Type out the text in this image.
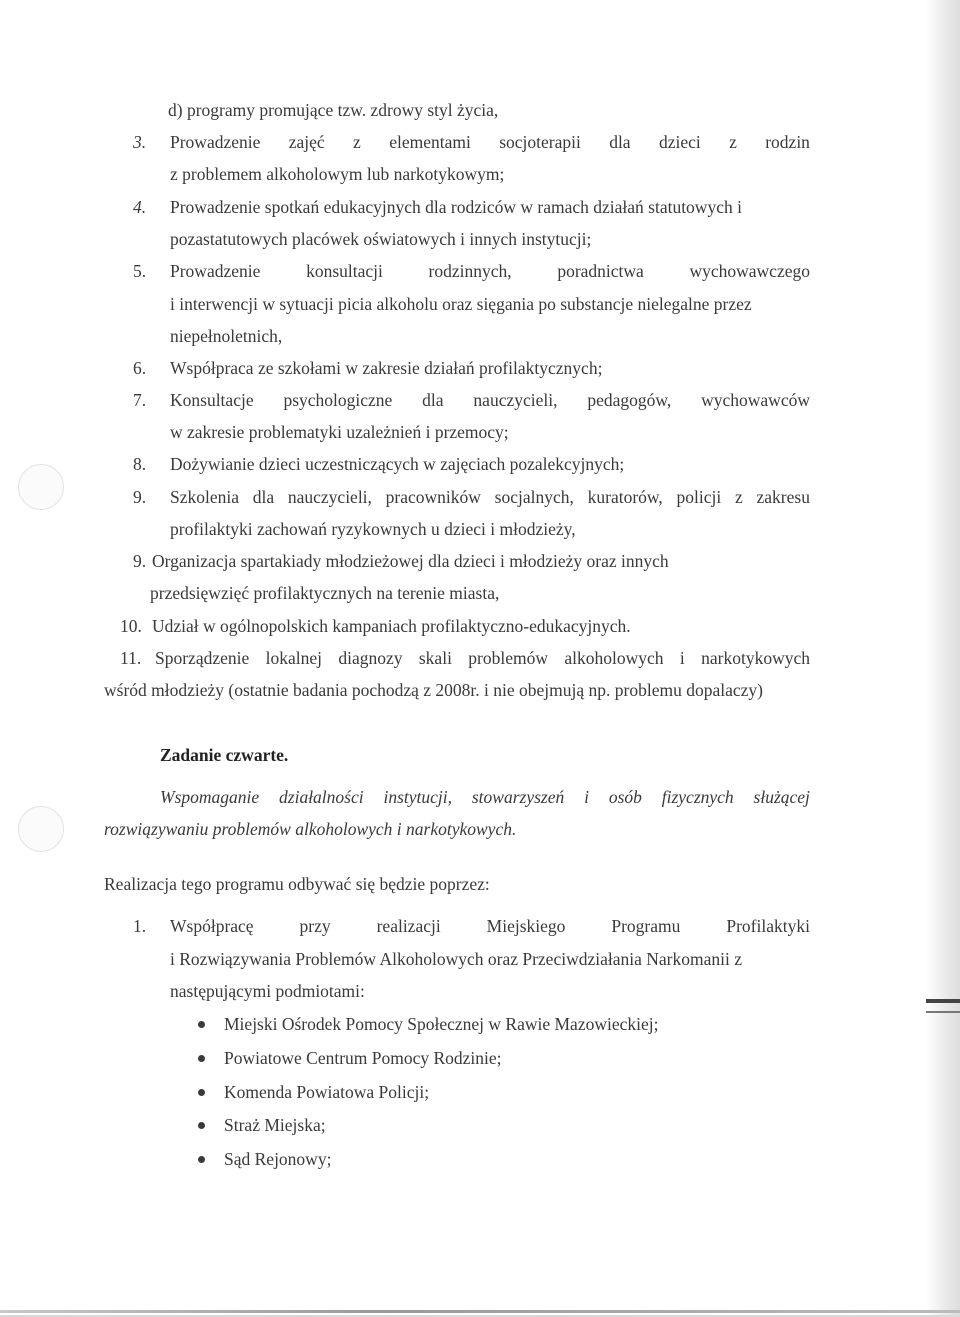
d) programy promujące tzw. zdrowy styl życia,
3. Prowadzenie zajęć z elementami socjoterapii dla dzieci z rodzin
z problemem alkoholowym lub narkotykowym;
4. Prowadzenie spotkań edukacyjnych dla rodziców w ramach działań statutowych i
pozastatutowych placówek oświatowych i innych instytucji;
5. Prowadzenie	konsultacji	rodzinnych,	poradnictwa	wychowawczego
i interwencji w sytuacji picia alkoholu oraz sięgania po substancje nielegalne przez
niepełnoletnich,
6. Współpraca ze szkołami w zakresie działań profilaktycznych;
7. Konsultacje psychologiczne dla nauczycieli, pedagogów, wychowawców
w zakresie problematyki uzależnień i przemocy;
8. Dożywianie dzieci uczestniczących w zajęciach pozalekcyjnych;
9. Szkolenia dla nauczycieli, pracowników socjalnych, kuratorów, policji z zakresu
profilaktyki zachowań ryzykownych u dzieci i młodzieży,
9. Organizacja spartakiady młodzieżowej dla dzieci i młodzieży oraz innych
przedsięwzięć profilaktycznych na terenie miasta,
10. Udział w ogólnopolskich kampaniach profilaktyczno-edukacyjnych.
11. Sporządzenie lokalnej diagnozy skali problemów alkoholowych i narkotykowych
wśród młodzieży (ostatnie badania pochodzą z 2008r. i nie obejmują np. problemu dopalaczy)
Zadanie czwarte.
Wspomaganie działalności instytucji, stowarzyszeń i osób fizycznych służącej
rozwiązywaniu problemów alkoholowych i narkotykowych.
Realizacja tego programu odbywać się będzie poprzez:
1. Współpracę	przy	realizacji	Miejskiego	Programu	Profilaktyki
i Rozwiązywania Problemów Alkoholowych oraz Przeciwdziałania Narkomanii z
następującymi podmiotami:
Miejski Ośrodek Pomocy Społecznej w Rawie Mazowieckiej;
Powiatowe Centrum Pomocy Rodzinie;
Komenda Powiatowa Policji;
Straż Miejska;
Sąd Rejonowy;
